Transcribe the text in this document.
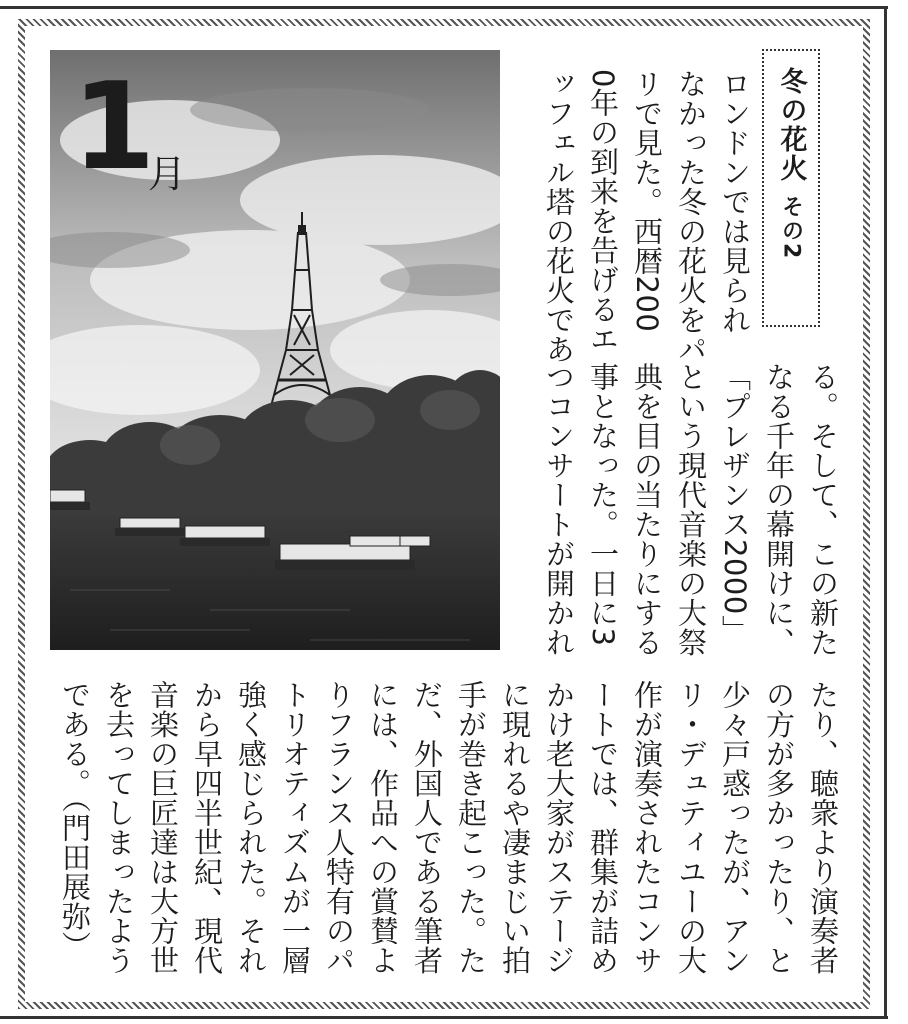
1
月	冬の花火その2
ロンドンでは見られ
なかった冬の花火をパ
リで見た。西暦200
0年の到来を告げるエ
ッフェル塔の花火であ
る。そして、この新た
なる千年の幕開けに、
「プレザンス2000」
という現代音楽の大祭
典を目の当たりにする
事となった。一日に3
つコンサートが開かれ
たり、聴衆より演奏者
の方が多かったり、と
少々戸惑ったが、アン
リ・デュティユーの大
作が演奏されたコンサ
ートでは、群集が詰め
かけ老大家がステージ
に現れるや凄まじい拍
手が巻き起こった。た
だ、外国人である筆者
には、作品への賞賛よ
りフランス人特有のパ
トリオティズムが一層
強く感じられた。それ
から早四半世紀、現代
音楽の巨匠達は大方世
を去ってしまったよう
である。（門田展弥）
